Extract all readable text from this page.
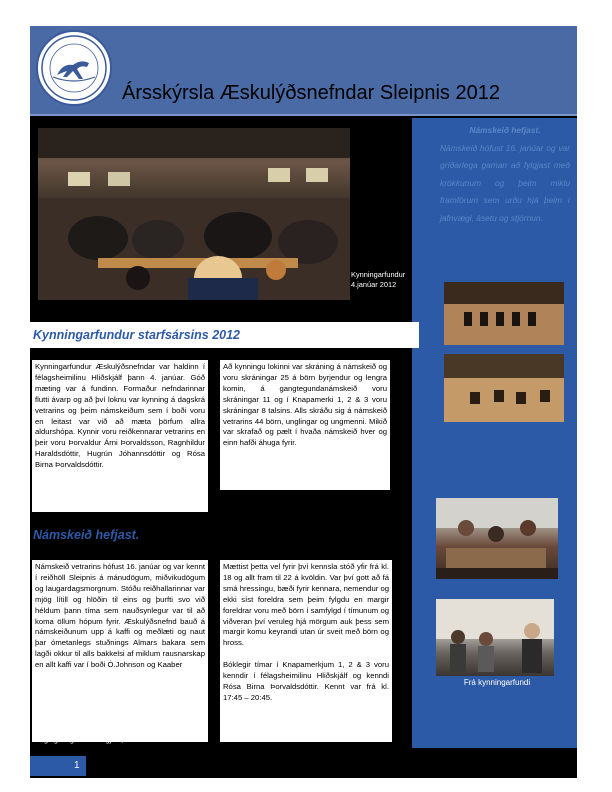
Ársskýrsla Æskulýðsnefndar Sleipnis 2012
Námskeið hefjast.
Námskeið hófust 16. janúar og var gríðarlega gaman að fylgjast með krökkunum og þeim miklu framförum sem urðu hjá þeim í jafnvægi, ásetu og stjórnun.
Kynningarfundur 4.janúar 2012
Frá kynningarfundi
Kynningarfundur starfsársins 2012
Kynningarfundur Æskulýðsnefndar var haldinn í félagsheimilinu Hliðskjálf þann 4. janúar. Góð mæting var á fundinn. Formaður nefndarinnar flutti ávarp og að því loknu var kynning á dagskrá vetrarins og þeim námskeiðum sem í boði voru en leitast var við að mæta þörfum allra aldurshópa. Kynnir voru reiðkennarar vetrarins en þeir voru Þorvaldur Árni Þorvaldsson, Ragnhildur Haraldsdóttir, Hugrún Jóhannsdóttir og Rósa Birna Þorvaldsdóttir.
Að kynningu lokinni var skráning á námskeið og voru skráningar 25 á börn byrjendur og lengra komin, á gangtegundanámskeið voru skráningar 11 og í Knapamerki 1, 2 & 3 voru skráningar 8 talsins. Alls skráðu sig á námskeið vetrarins 44 börn, unglingar og ungmenni. Mikið var skrafað og pælt í hvaða námskeið hver og einn hafði áhuga fyrir.
Námskeið hefjast.
Námskeið vetrarins hófust 16. janúar og var kennt í reiðhöll Sleipnis á mánudögum, miðvikudögum og laugardagsmorgnum. Stóðu reiðhallarinnar var mjög lítill og hlöðin til eins og þurfti svo við héldum þann tíma sem nauðsynlegur var til að koma öllum hópum fyrir. Æskulýðsnefnd bauð á námskeiðunum upp á kaffi og meðlæti og naut þar ómetanlegs stuðnings Almars bakara sem lagði okkur til alls bakkelsi af miklum rausnarskap en allt kaffi var í boði Ó.Johnson og Kaaber
Mættist þetta vel fyrir því kennsla stóð yfir frá kl. 18 og allt fram til 22 á kvöldin. Var því gott að fá smá hressingu, bæði fyrir kennara, nemendur og ekki síst foreldra sem þeim fylgdu en margir foreldrar voru með börn í samfylgd í tímunum og viðveran því veruleg hjá mörgum auk þess sem margir komu keyrandi utan úr sveit með börn og hross.

Bóklegir tímar í Knapamerkjum 1, 2 & 3 voru kenndir í félagsheimilinu Hliðskjálf og kenndi Rósa Birna Þorvaldsdóttir. Kennt var frá kl. 17:45 – 20:45.
Tengingin og skrifstofugjöld, lauru
1
